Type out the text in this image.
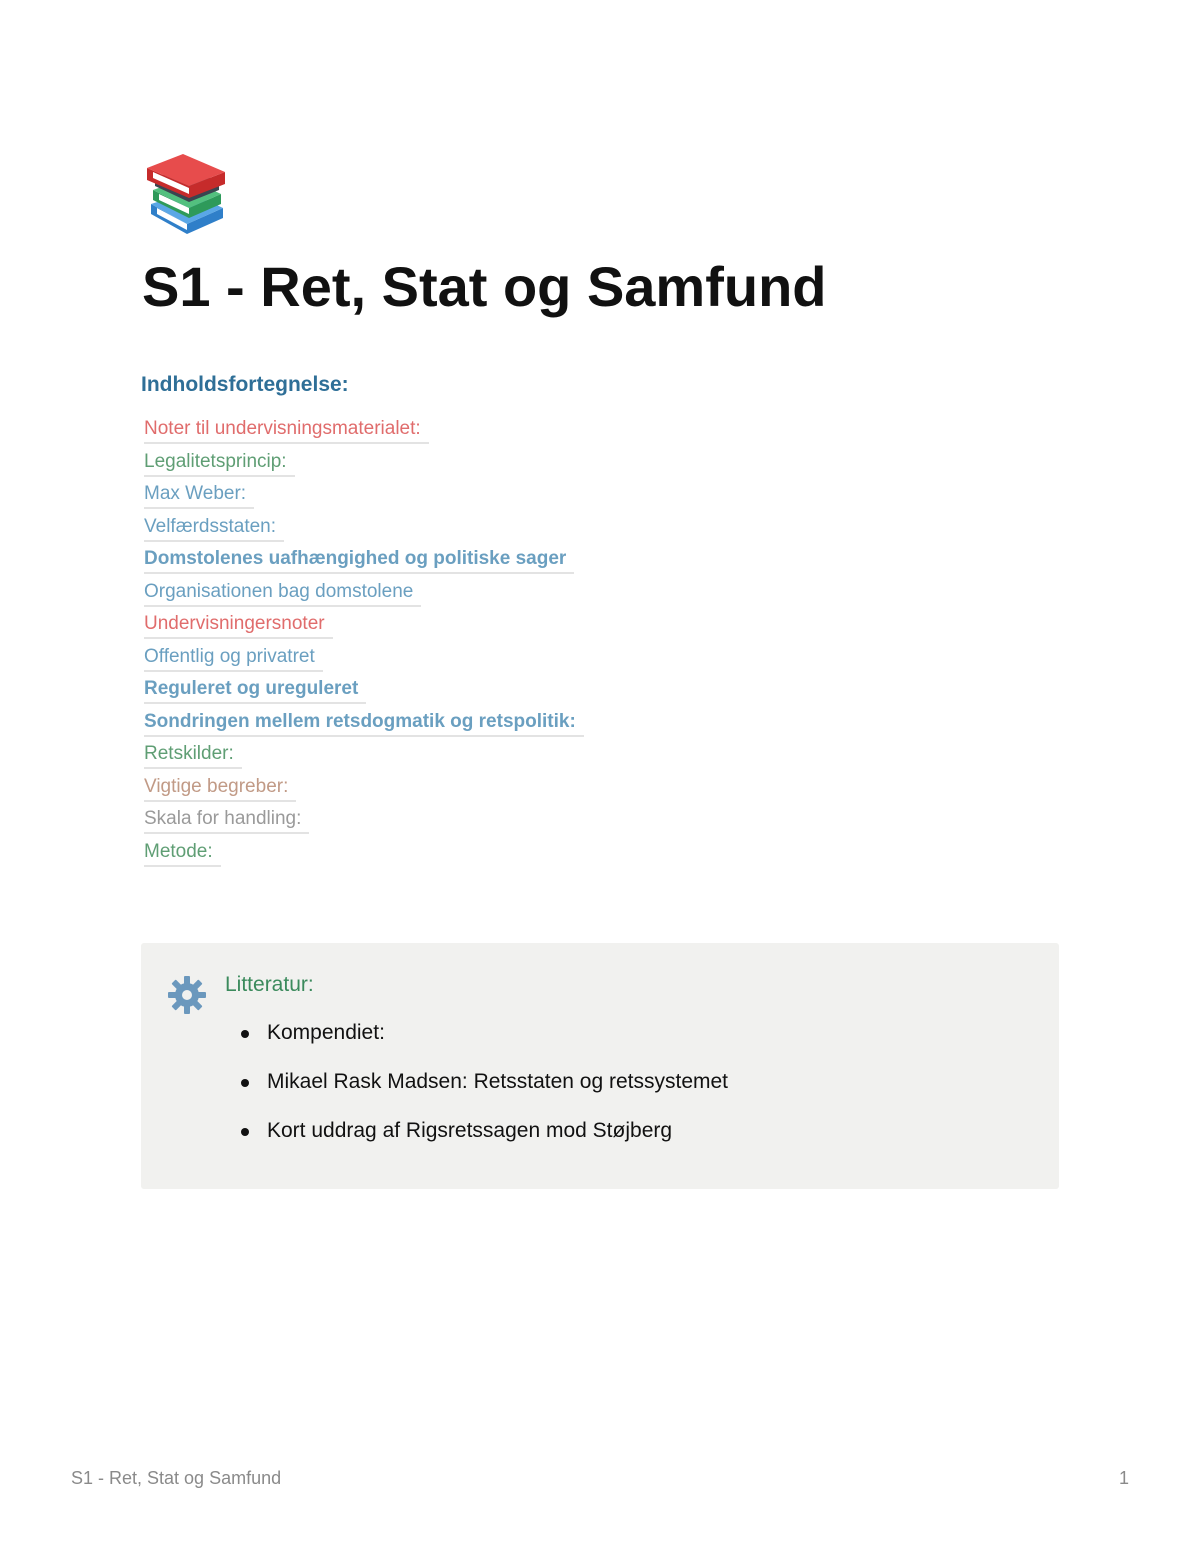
S1 - Ret, Stat og Samfund
Indholdsfortegnelse:
Noter til undervisningsmaterialet:
Legalitetsprincip:
Max Weber:
Velfærdsstaten:
Domstolenes uafhængighed og politiske sager
Organisationen bag domstolene
Undervisningersnoter
Offentlig og privatret
Reguleret og ureguleret
Sondringen mellem retsdogmatik og retspolitik:
Retskilder:
Vigtige begreber:
Skala for handling:
Metode:
Litteratur:
Kompendiet:
Mikael Rask Madsen: Retsstaten og retssystemet
Kort uddrag af Rigsretssagen mod Støjberg
S1 - Ret, Stat og Samfund	1
